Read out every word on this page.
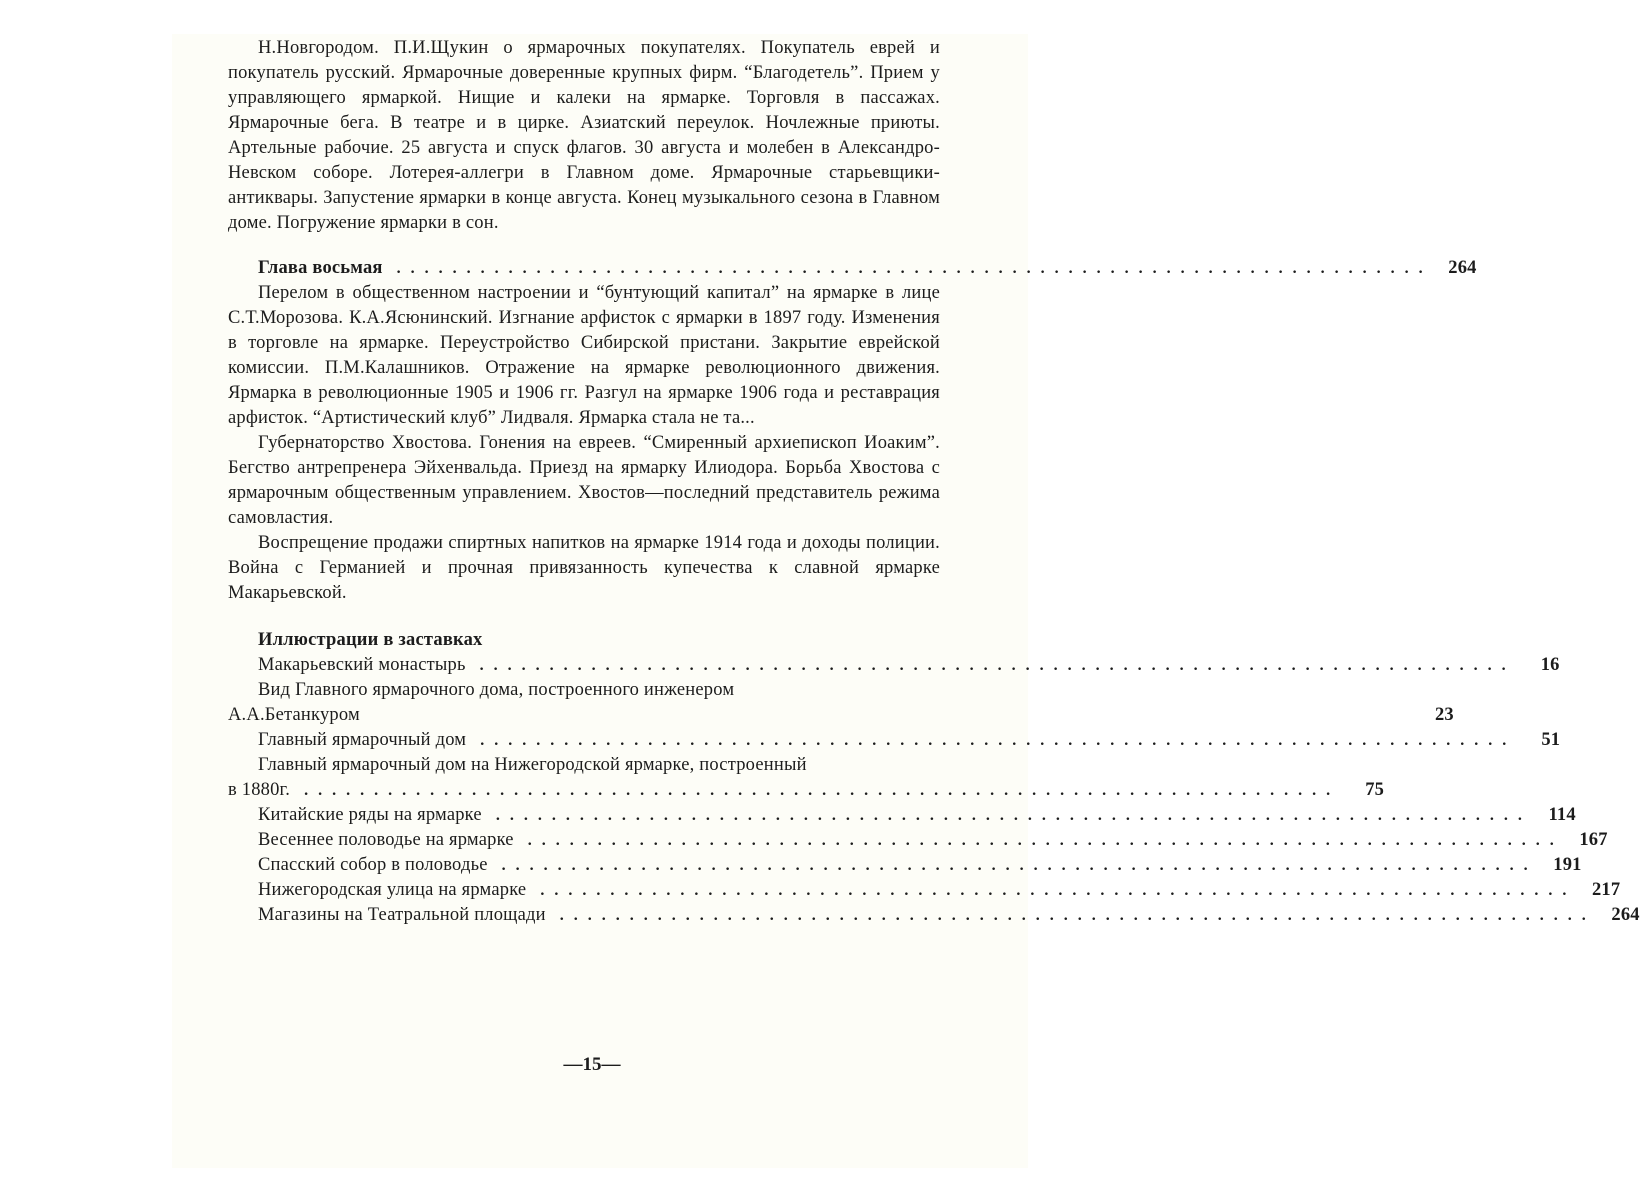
Н.Новгородом. П.И.Щукин о ярмарочных покупателях. Покупатель еврей и покупатель русский. Ярмарочные доверенные крупных фирм. “Благодетель”. Прием у управляющего ярмаркой. Нищие и калеки на ярмарке. Торговля в пассажах. Ярмарочные бега. В театре и в цирке. Азиатский переулок. Ночлежные приюты. Артельные рабочие. 25 августа и спуск флагов. 30 августа и молебен в Александро-Невском соборе. Лотерея-аллегри в Главном доме. Ярмарочные старьевщики-антиквары. Запустение ярмарки в конце августа. Конец музыкального сезона в Главном доме. Погружение ярмарки в сон.

Глава восьмая .......................................................................... 264

Перелом в общественном настроении и “бунтующий капитал” на ярмарке в лице С.Т.Морозова. К.А.Ясюнинский. Изгнание арфисток с ярмарки в 1897 году. Изменения в торговле на ярмарке. Переустройство Сибирской пристани. Закрытие еврейской комиссии. П.М.Калашников. Отражение на ярмарке революционного движения. Ярмарка в революционные 1905 и 1906 гг. Разгул на ярмарке 1906 года и реставрация арфисток. “Артистический клуб” Лидваля. Ярмарка стала не та...

Губернаторство Хвостова. Гонения на евреев. “Смиренный архиепископ Иоаким”. Бегство антрепренера Эйхенвальда. Приезд на ярмарку Илиодора. Борьба Хвостова с ярмарочным общественным управлением. Хвостов—последний представитель режима самовластия.

Воспрещение продажи спиртных напитков на ярмарке 1914 года и доходы полиции. Война с Германией и прочная привязанность купечества к славной ярмарке Макарьевской.

Иллюстрации в заставках
Макарьевский монастырь ..........................................................................	16
Вид Главного ярмарочного дома, построенного инженером
А.А.Бетанкуром	23
Главный ярмарочный дом ..........................................................................	51
Главный ярмарочный дом на Нижегородской ярмарке, построенный
в 1880г. ..........................................................................	75
Китайские ряды на ярмарке .......................................................................... 114
Весеннее половодье на ярмарке .......................................................................... 167
Спасский собор в половодье .......................................................................... 191
Нижегородская улица на ярмарке .......................................................................... 217
Магазины на Театральной площади .......................................................................... 264
—15—
